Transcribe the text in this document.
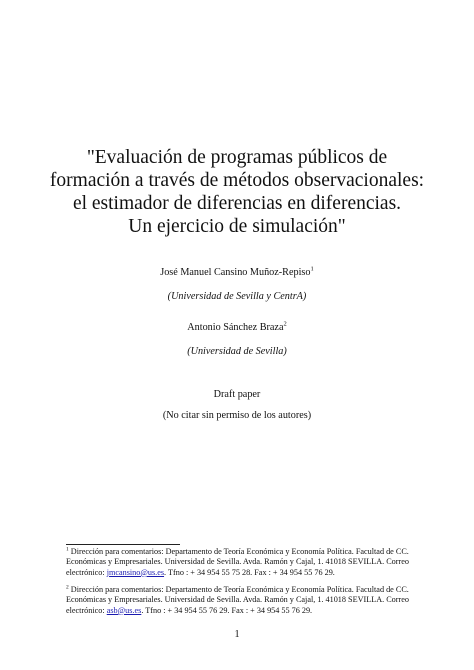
"Evaluación de programas públicos de
formación a través de métodos observacionales:
el estimador de diferencias en diferencias.
Un ejercicio de simulación"
José Manuel Cansino Muñoz-Repiso$^1$
(Universidad de Sevilla y CentrA)
Antonio Sánchez Braza$^2$
(Universidad de Sevilla)
Draft paper
(No citar sin permiso de los autores)
$^1$ Dirección para comentarios: Departamento de Teoría Económica y Economía Política. Facultad de CC.
Económicas y Empresariales. Universidad de Sevilla. Avda. Ramón y Cajal, 1. 41018 SEVILLA. Correo
electrónico: jmcansino@us.es. Tfno : + 34 954 55 75 28. Fax : + 34 954 55 76 29.
$^2$ Dirección para comentarios: Departamento de Teoría Económica y Economía Política. Facultad de CC.
Económicas y Empresariales. Universidad de Sevilla. Avda. Ramón y Cajal, 1. 41018 SEVILLA. Correo
electrónico: asb@us.es. Tfno : + 34 954 55 76 29. Fax : + 34 954 55 76 29.
1
